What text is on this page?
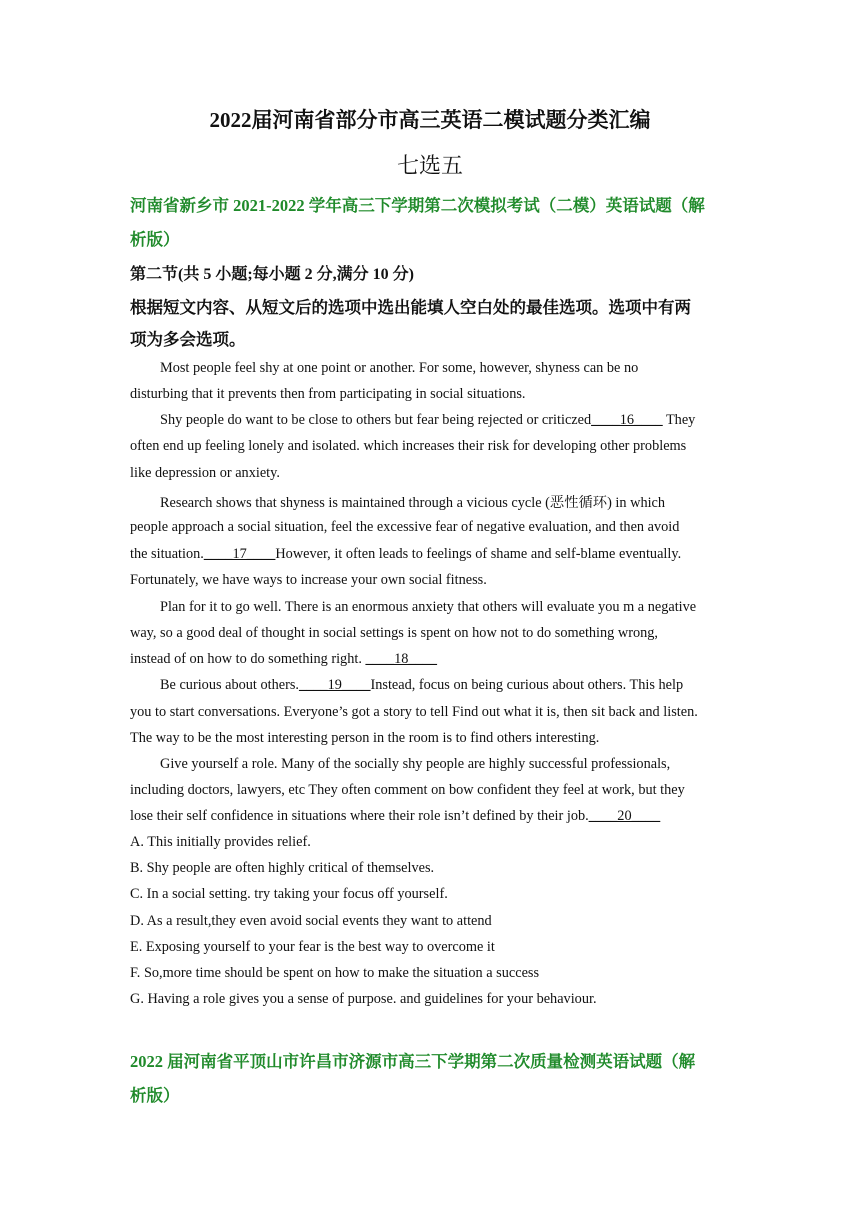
2022届河南省部分市高三英语二模试题分类汇编
七选五
河南省新乡市 2021-2022 学年高三下学期第二次模拟考试（二模）英语试题（解
析版）
第二节(共 5 小题;每小题 2 分,满分 10 分)
根据短文内容、从短文后的选项中选出能填人空白处的最佳选项。选项中有两
项为多会选项。
Most people feel shy at one point or another. For some, however, shyness can be no
disturbing that it prevents then from participating in social situations.
Shy people do want to be close to others but fear being rejected or criticzed____16____ They
often end up feeling lonely and isolated. which increases their risk for developing other problems
like depression or anxiety.
Research shows that shyness is maintained through a vicious cycle (恶性循环) in which
people approach a social situation, feel the excessive fear of negative evaluation, and then avoid
the situation.____17____However, it often leads to feelings of shame and self-blame eventually.
Fortunately, we have ways to increase your own social fitness.
Plan for it to go well. There is an enormous anxiety that others will evaluate you m a negative
way, so a good deal of thought in social settings is spent on how not to do something wrong,
instead of on how to do something right. ____18____
Be curious about others.____19____Instead, focus on being curious about others. This help
you to start conversations. Everyone’s got a story to tell Find out what it is, then sit back and listen.
The way to be the most interesting person in the room is to find others interesting.
Give yourself a role. Many of the socially shy people are highly successful professionals,
including doctors, lawyers, etc They often comment on bow confident they feel at work, but they
lose their self confidence in situations where their role isn’t defined by their job.____20____
A. This initially provides relief.
B. Shy people are often highly critical of themselves.
C. In a social setting. try taking your focus off yourself.
D. As a result,they even avoid social events they want to attend
E. Exposing yourself to your fear is the best way to overcome it
F. So,more time should be spent on how to make the situation a success
G. Having a role gives you a sense of purpose. and guidelines for your behaviour.
2022 届河南省平顶山市许昌市济源市高三下学期第二次质量检测英语试题（解
析版）
